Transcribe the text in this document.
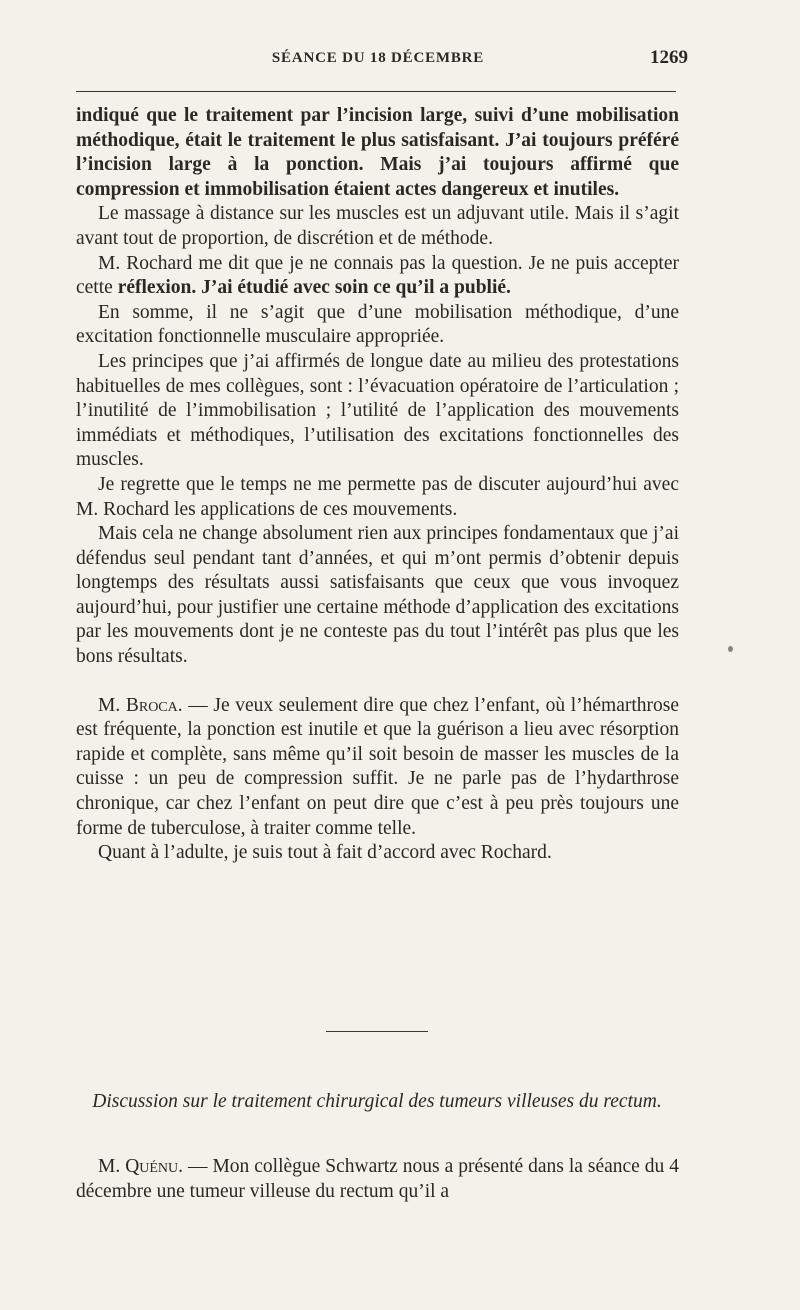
SÉANCE DU 18 DÉCEMBRE	1269

indiqué que le traitement par l’incision large, suivi d’une mobilisation méthodique, était le traitement le plus satisfaisant. J’ai toujours préféré l’incision large à la ponction. Mais j’ai toujours affirmé que compression et immobilisation étaient actes dangereux et inutiles.

Le massage à distance sur les muscles est un adjuvant utile. Mais il s’agit avant tout de proportion, de discrétion et de méthode.

M. Rochard me dit que je ne connais pas la question. Je ne puis accepter cette réflexion. J’ai étudié avec soin ce qu’il a publié.

En somme, il ne s’agit que d’une mobilisation méthodique, d’une excitation fonctionnelle musculaire appropriée.

Les principes que j’ai affirmés de longue date au milieu des protestations habituelles de mes collègues, sont : l’évacuation opératoire de l’articulation ; l’inutilité de l’immobilisation ; l’utilité de l’application des mouvements immédiats et méthodiques, l’utilisation des excitations fonctionnelles des muscles.

Je regrette que le temps ne me permette pas de discuter aujourd’hui avec M. Rochard les applications de ces mouvements.

Mais cela ne change absolument rien aux principes fondamentaux que j’ai défendus seul pendant tant d’années, et qui m’ont permis d’obtenir depuis longtemps des résultats aussi satisfaisants que ceux que vous invoquez aujourd’hui, pour justifier une certaine méthode d’application des excitations par les mouvements dont je ne conteste pas du tout l’intérêt pas plus que les bons résultats.

M. Broca. — Je veux seulement dire que chez l’enfant, où l’hémarthrose est fréquente, la ponction est inutile et que la guérison a lieu avec résorption rapide et complète, sans même qu’il soit besoin de masser les muscles de la cuisse : un peu de compression suffit. Je ne parle pas de l’hydarthrose chronique, car chez l’enfant on peut dire que c’est à peu près toujours une forme de tuberculose, à traiter comme telle.

Quant à l’adulte, je suis tout à fait d’accord avec Rochard.

Discussion sur le traitement chirurgical des tumeurs villeuses du rectum.

M. Quénu. — Mon collègue Schwartz nous a présenté dans la séance du 4 décembre une tumeur villeuse du rectum qu’il a
